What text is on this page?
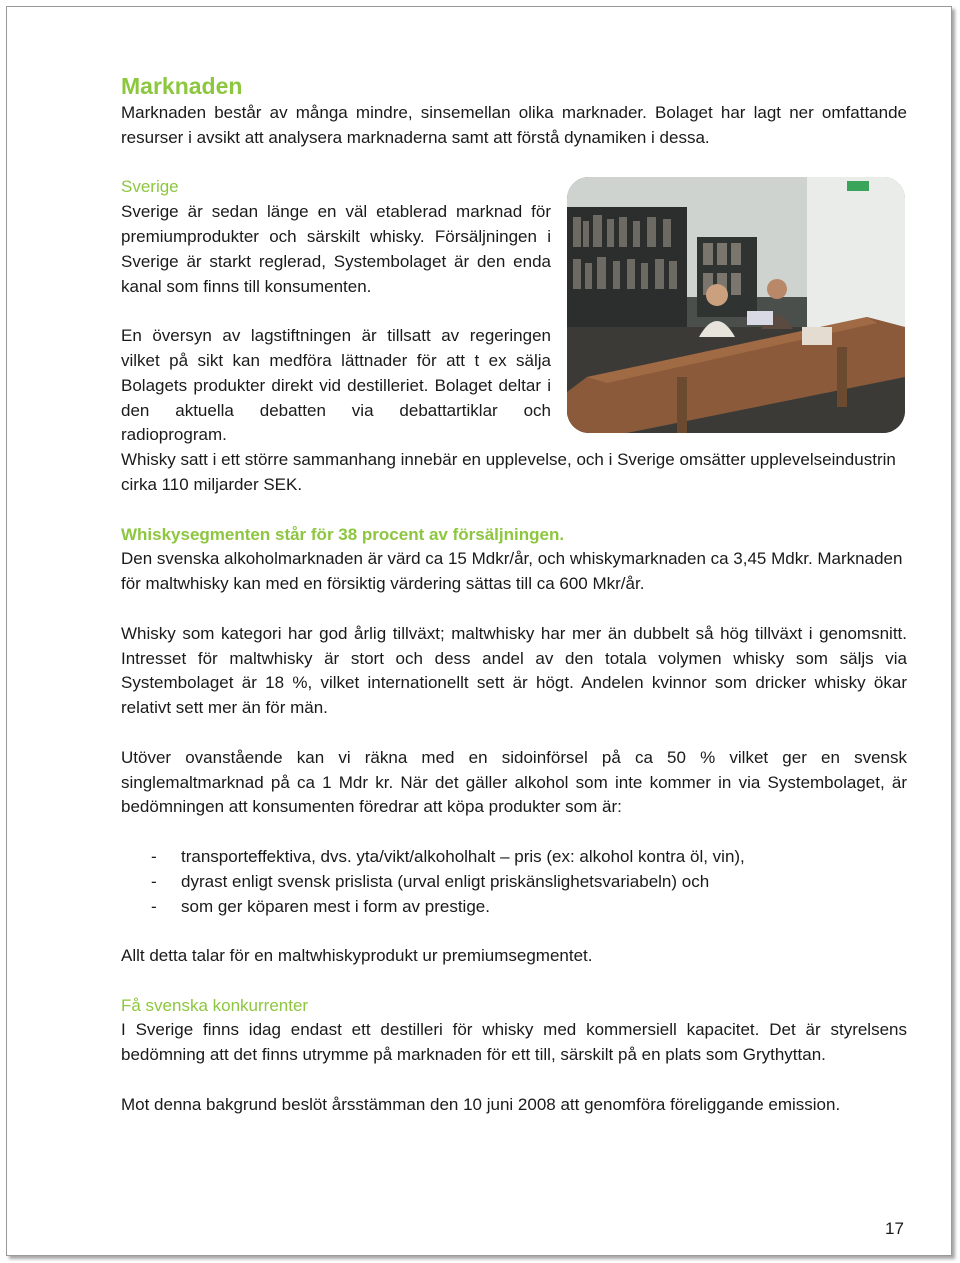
Marknaden

Marknaden består av många mindre, sinsemellan olika marknader. Bolaget har lagt ner omfattande resurser i avsikt att analysera marknaderna samt att förstå dynamiken i dessa.

Sverige

Sverige är sedan länge en väl etablerad marknad för premiumprodukter och särskilt whisky. Försäljningen i Sverige är starkt reglerad, Systembolaget är den enda kanal som finns till konsumenten.

En översyn av lagstiftningen är tillsatt av regeringen vilket på sikt kan medföra lättnader för att t ex sälja Bolagets produkter direkt vid destilleriet. Bolaget deltar i den aktuella debatten via debattartiklar och radioprogram.

Whisky satt i ett större sammanhang innebär en upplevelse, och i Sverige omsätter upplevelseindustrin cirka 110 miljarder SEK.

Whiskysegmenten står för 38 procent av försäljningen.

Den svenska alkoholmarknaden är värd ca 15 Mdkr/år, och whiskymarknaden ca 3,45 Mdkr. Marknaden för maltwhisky kan med en försiktig värdering sättas till ca 600 Mkr/år.

Whisky som kategori har god årlig tillväxt; maltwhisky har mer än dubbelt så hög tillväxt i genomsnitt. Intresset för maltwhisky är stort och dess andel av den totala volymen whisky som säljs via Systembolaget är 18 %, vilket internationellt sett är högt. Andelen kvinnor som dricker whisky ökar relativt sett mer än för män.

Utöver ovanstående kan vi räkna med en sidoinförsel på ca 50 % vilket ger en svensk singlemaltmarknad på ca 1 Mdr kr. När det gäller alkohol som inte kommer in via Systembolaget, är bedömningen att konsumenten föredrar att köpa produkter som är:

- transporteffektiva, dvs. yta/vikt/alkoholhalt – pris (ex: alkohol kontra öl, vin),
- dyrast enligt svensk prislista (urval enligt priskänslighetsvariabeln) och
- som ger köparen mest i form av prestige.

Allt detta talar för en maltwhiskyprodukt ur premiumsegmentet.

Få svenska konkurrenter

I Sverige finns idag endast ett destilleri för whisky med kommersiell kapacitet. Det är styrelsens bedömning att det finns utrymme på marknaden för ett till, särskilt på en plats som Grythyttan.

Mot denna bakgrund beslöt årsstämman den 10 juni 2008 att genomföra föreliggande emission.

17
